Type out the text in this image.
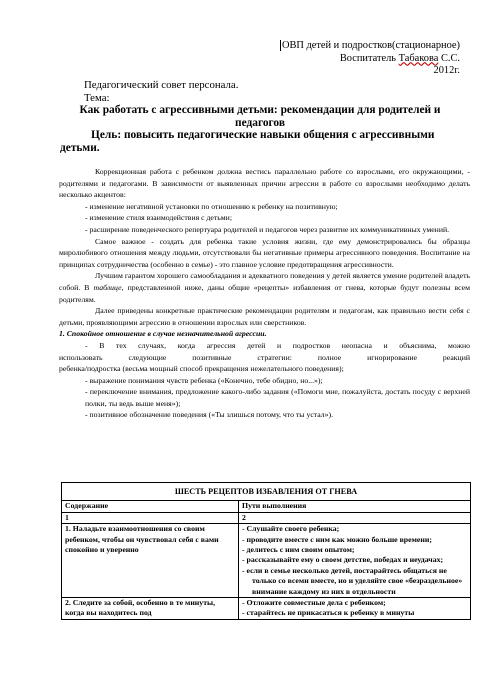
ОВП детей и подростков(стационарное)
Воспитатель Табакова С.С.
2012г.
Педагогический совет персонала.
Тема:
Как работать с агрессивными детьми: рекомендации для родителей и педагогов
Цель: повысить педагогические навыки общения с агрессивными детьми.

Коррекционная работа с ребенком должна вестись параллельно работе со взрослыми, его окружающими, - родителями и педагогами. В зависимости от выявленных причин агрессии в работе со взрослыми необходимо делать несколько акцентов:

- изменение негативной установки по отношению к ребенку на позитивную;

- изменение стиля взаимодействия с детьми;

- расширение поведенческого репертуара родителей и педагогов через развитие их коммуникативных умений.

Самое важное - создать для ребенка такие условия жизни, где ему демонстрировались бы образцы миролюбивого отношения между людьми, отсутствовали бы негативные примеры агрессивного поведения. Воспитание на принципах сотрудничества (особенно в семье) - это главное условие предотвращения агрессивности.

Лучшим гарантом хорошего самообладания и адекватного поведения у детей является умение родителей владеть собой. В таблице, представленной ниже, даны общие «рецепты» избавления от гнева, которые будут полезны всем родителям.

Далее приведены конкретные практические рекомендации родителям и педагогам, как правильно вести себя с детьми, проявляющими агрессию в отношении взрослых или сверстников.

1. Спокойное отношение в случае незначительной агрессии.

- В тех случаях, когда агрессия детей и подростков неопасна и объяснима, можно

использовать следующие позитивные стратегии: полное игнорирование реакций

ребенка/подростка (весьма мощный способ прекращения нежелательного поведения);

- выражение понимания чувств ребенка («Конечно, тебе обидно, но...»);

- переключение внимания, предложение какого-либо задания («Помоги мне, пожалуйста, достать посуду с верхней полки, ты ведь выше меня»);

- позитивное обозначение поведения («Ты злишься потому, что ты устал»).

ШЕСТЬ РЕЦЕПТОВ ИЗБАВЛЕНИЯ ОТ ГНЕВА	
Содержание	Пути выполнения
1	2
1. Наладьте взаимоотношения со своим ребенком, чтобы он чувствовал себя с вами спокойно и уверенно	- Слушайте своего ребенка;

- проводите вместе с ним как можно больше времени;

- делитесь с ним своим опытом;

- рассказывайте ему о своем детстве, победах и неудачах;

- если в семье несколько детей, постарайтесь общаться не только со всеми вместе, но и уделяйте свое «безраздельное» внимание каждому из них в отдельности

2. Следите за собой, особенно в те минуты, когда вы находитесь под	- Отложите совместные дела с ребенком;

- старайтесь не прикасаться к ребенку в минуты
